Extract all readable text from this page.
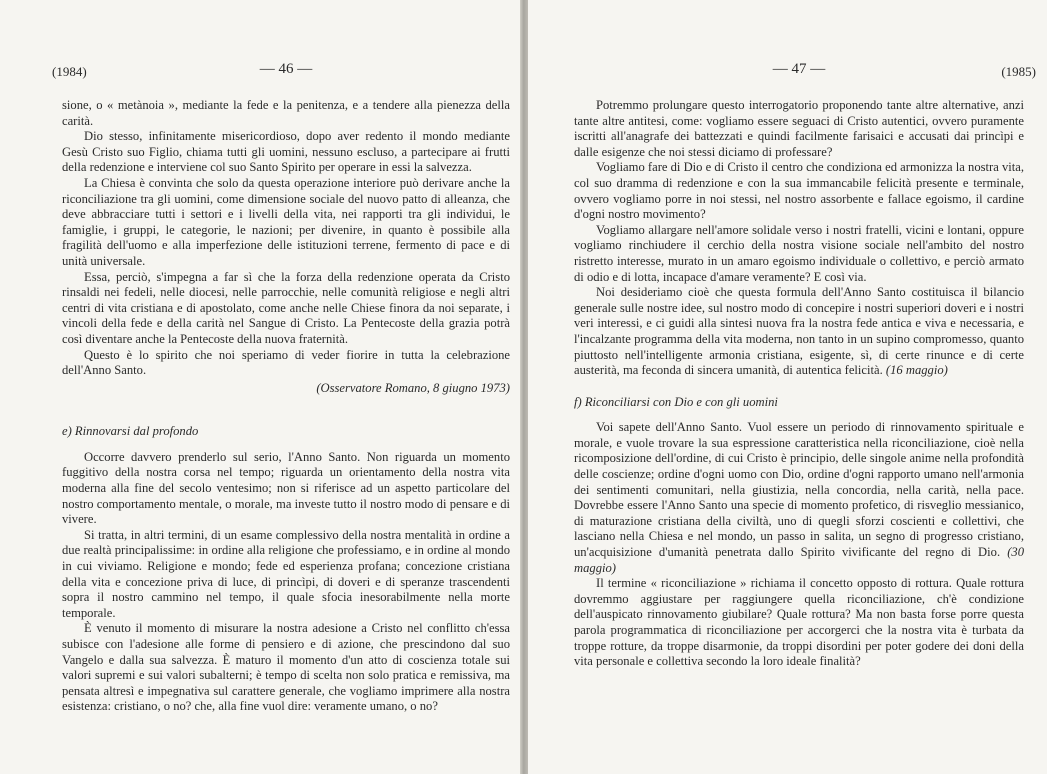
(1984)	— 46 —

sione, o « metànoia », mediante la fede e la penitenza, e a tendere alla pienezza della carità.

Dio stesso, infinitamente misericordioso, dopo aver redento il mondo mediante Gesù Cristo suo Figlio, chiama tutti gli uomini, nessuno escluso, a partecipare ai frutti della redenzione e interviene col suo Santo Spirito per operare in essi la salvezza.

La Chiesa è convinta che solo da questa operazione interiore può derivare anche la riconciliazione tra gli uomini, come dimensione sociale del nuovo patto di alleanza, che deve abbracciare tutti i settori e i livelli della vita, nei rapporti tra gli individui, le famiglie, i gruppi, le categorie, le nazioni; per divenire, in quanto è possibile alla fragilità dell'uomo e alla imperfezione delle istituzioni terrene, fermento di pace e di unità universale.

Essa, perciò, s'impegna a far sì che la forza della redenzione operata da Cristo rinsaldi nei fedeli, nelle diocesi, nelle parrocchie, nelle comunità religiose e negli altri centri di vita cristiana e di apostolato, come anche nelle Chiese finora da noi separate, i vincoli della fede e della carità nel Sangue di Cristo. La Pentecoste della grazia potrà così diventare anche la Pentecoste della nuova fraternità.

Questo è lo spirito che noi speriamo di veder fiorire in tutta la celebrazione dell'Anno Santo.

(Osservatore Romano, 8 giugno 1973)

e) Rinnovarsi dal profondo

Occorre davvero prenderlo sul serio, l'Anno Santo. Non riguarda un momento fuggitivo della nostra corsa nel tempo; riguarda un orientamento della nostra vita moderna alla fine del secolo ventesimo; non si riferisce ad un aspetto particolare del nostro comportamento mentale, o morale, ma investe tutto il nostro modo di pensare e di vivere.

Si tratta, in altri termini, di un esame complessivo della nostra mentalità in ordine a due realtà principalissime: in ordine alla religione che professiamo, e in ordine al mondo in cui viviamo. Religione e mondo; fede ed esperienza profana; concezione cristiana della vita e concezione priva di luce, di princìpi, di doveri e di speranze trascendenti sopra il nostro cammino nel tempo, il quale sfocia inesorabilmente nella morte temporale.

È venuto il momento di misurare la nostra adesione a Cristo nel conflitto ch'essa subisce con l'adesione alle forme di pensiero e di azione, che prescindono dal suo Vangelo e dalla sua salvezza. È maturo il momento d'un atto di coscienza totale sui valori supremi e sui valori subalterni; è tempo di scelta non solo pratica e remissiva, ma pensata altresì e impegnativa sul carattere generale, che vogliamo imprimere alla nostra esistenza: cristiano, o no? che, alla fine vuol dire: veramente umano, o no?

— 47 —	(1985)

Potremmo prolungare questo interrogatorio proponendo tante altre alternative, anzi tante altre antitesi, come: vogliamo essere seguaci di Cristo autentici, ovvero puramente iscritti all'anagrafe dei battezzati e quindi facilmente farisaici e accusati dai princìpi e dalle esigenze che noi stessi diciamo di professare?

Vogliamo fare di Dio e di Cristo il centro che condiziona ed armonizza la nostra vita, col suo dramma di redenzione e con la sua immancabile felicità presente e terminale, ovvero vogliamo porre in noi stessi, nel nostro assorbente e fallace egoismo, il cardine d'ogni nostro movimento?

Vogliamo allargare nell'amore solidale verso i nostri fratelli, vicini e lontani, oppure vogliamo rinchiudere il cerchio della nostra visione sociale nell'ambito del nostro ristretto interesse, murato in un amaro egoismo individuale o collettivo, e perciò armato di odio e di lotta, incapace d'amare veramente? E così via.

Noi desideriamo cioè che questa formula dell'Anno Santo costituisca il bilancio generale sulle nostre idee, sul nostro modo di concepire i nostri superiori doveri e i nostri veri interessi, e ci guidi alla sintesi nuova fra la nostra fede antica e viva e necessaria, e l'incalzante programma della vita moderna, non tanto in un supino compromesso, quanto piuttosto nell'intelligente armonia cristiana, esigente, sì, di certe rinunce e di certe austerità, ma feconda di sincera umanità, di autentica felicità. (16 maggio)

f) Riconciliarsi con Dio e con gli uomini

Voi sapete dell'Anno Santo. Vuol essere un periodo di rinnovamento spirituale e morale, e vuole trovare la sua espressione caratteristica nella riconciliazione, cioè nella ricomposizione dell'ordine, di cui Cristo è principio, delle singole anime nella profondità delle coscienze; ordine d'ogni uomo con Dio, ordine d'ogni rapporto umano nell'armonia dei sentimenti comunitari, nella giustizia, nella concordia, nella carità, nella pace. Dovrebbe essere l'Anno Santo una specie di momento profetico, di risveglio messianico, di maturazione cristiana della civiltà, uno di quegli sforzi coscienti e collettivi, che lasciano nella Chiesa e nel mondo, un passo in salita, un segno di progresso cristiano, un'acquisizione d'umanità penetrata dallo Spirito vivificante del regno di Dio. (30 maggio)

Il termine « riconciliazione » richiama il concetto opposto di rottura. Quale rottura dovremmo aggiustare per raggiungere quella riconciliazione, ch'è condizione dell'auspicato rinnovamento giubilare? Quale rottura? Ma non basta forse porre questa parola programmatica di riconciliazione per accorgerci che la nostra vita è turbata da troppe rotture, da troppe disarmonie, da troppi disordini per poter godere dei doni della vita personale e collettiva secondo la loro ideale finalità?
